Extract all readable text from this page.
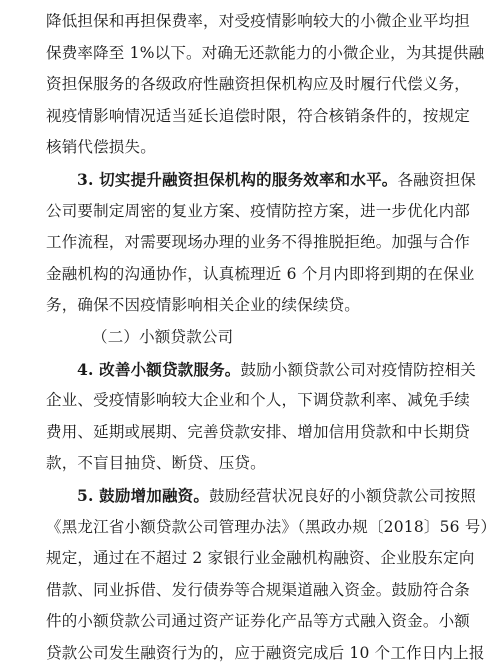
降低担保和再担保费率，对受疫情影响较大的小微企业平均担
保费率降至 1%以下。对确无还款能力的小微企业，为其提供融
资担保服务的各级政府性融资担保机构应及时履行代偿义务，
视疫情影响情况适当延长追偿时限，符合核销条件的，按规定
核销代偿损失。
3. 切实提升融资担保机构的服务效率和水平。各融资担保
公司要制定周密的复业方案、疫情防控方案，进一步优化内部
工作流程，对需要现场办理的业务不得推脱拒绝。加强与合作
金融机构的沟通协作，认真梳理近 6 个月内即将到期的在保业
务，确保不因疫情影响相关企业的续保续贷。
（二）小额贷款公司
4. 改善小额贷款服务。鼓励小额贷款公司对疫情防控相关
企业、受疫情影响较大企业和个人，下调贷款利率、减免手续
费用、延期或展期、完善贷款安排、增加信用贷款和中长期贷
款，不盲目抽贷、断贷、压贷。
5. 鼓励增加融资。鼓励经营状况良好的小额贷款公司按照
《黑龙江省小额贷款公司管理办法》（黑政办规〔2018〕56 号）
规定，通过在不超过 2 家银行业金融机构融资、企业股东定向
借款、同业拆借、发行债券等合规渠道融入资金。鼓励符合条
件的小额贷款公司通过资产证券化产品等方式融入资金。小额
贷款公司发生融资行为的，应于融资完成后 10 个工作日内上报
